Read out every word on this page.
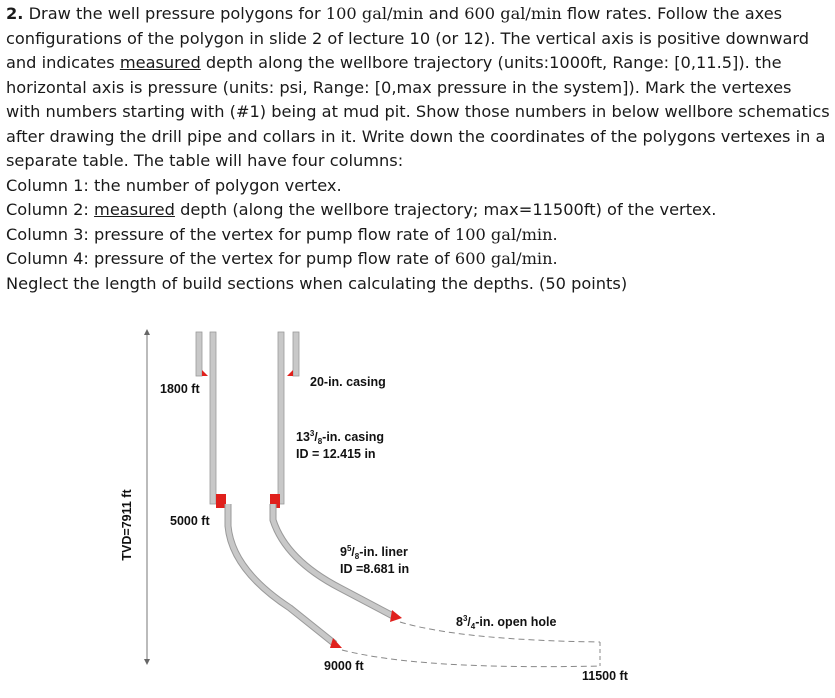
2. Draw the well pressure polygons for 100 gal/min and 600 gal/min flow rates. Follow the axes configurations of the polygon in slide 2 of lecture 10 (or 12). The vertical axis is positive downward and indicates measured depth along the wellbore trajectory (units:1000ft, Range: [0,11.5]). the horizontal axis is pressure (units: psi, Range: [0,max pressure in the system]). Mark the vertexes with numbers starting with (#1) being at mud pit. Show those numbers in below wellbore schematics after drawing the drill pipe and collars in it. Write down the coordinates of the polygons vertexes in a separate table. The table will have four columns:

Column 1: the number of polygon vertex.

Column 2: measured depth (along the wellbore trajectory; max=11500ft) of the vertex.

Column 3: pressure of the vertex for pump flow rate of 100 gal/min.

Column 4: pressure of the vertex for pump flow rate of 600 gal/min.

Neglect the length of build sections when calculating the depths. (50 points)

TVD=7911 ft
1800 ft
5000 ft
9000 ft
11500 ft
20-in. casing
$13^3/_8-in$. casing
ID = 12.415 in
$9^5/_8-in$. liner
ID =8.681 in
$8^3/_4-in$. open hole
